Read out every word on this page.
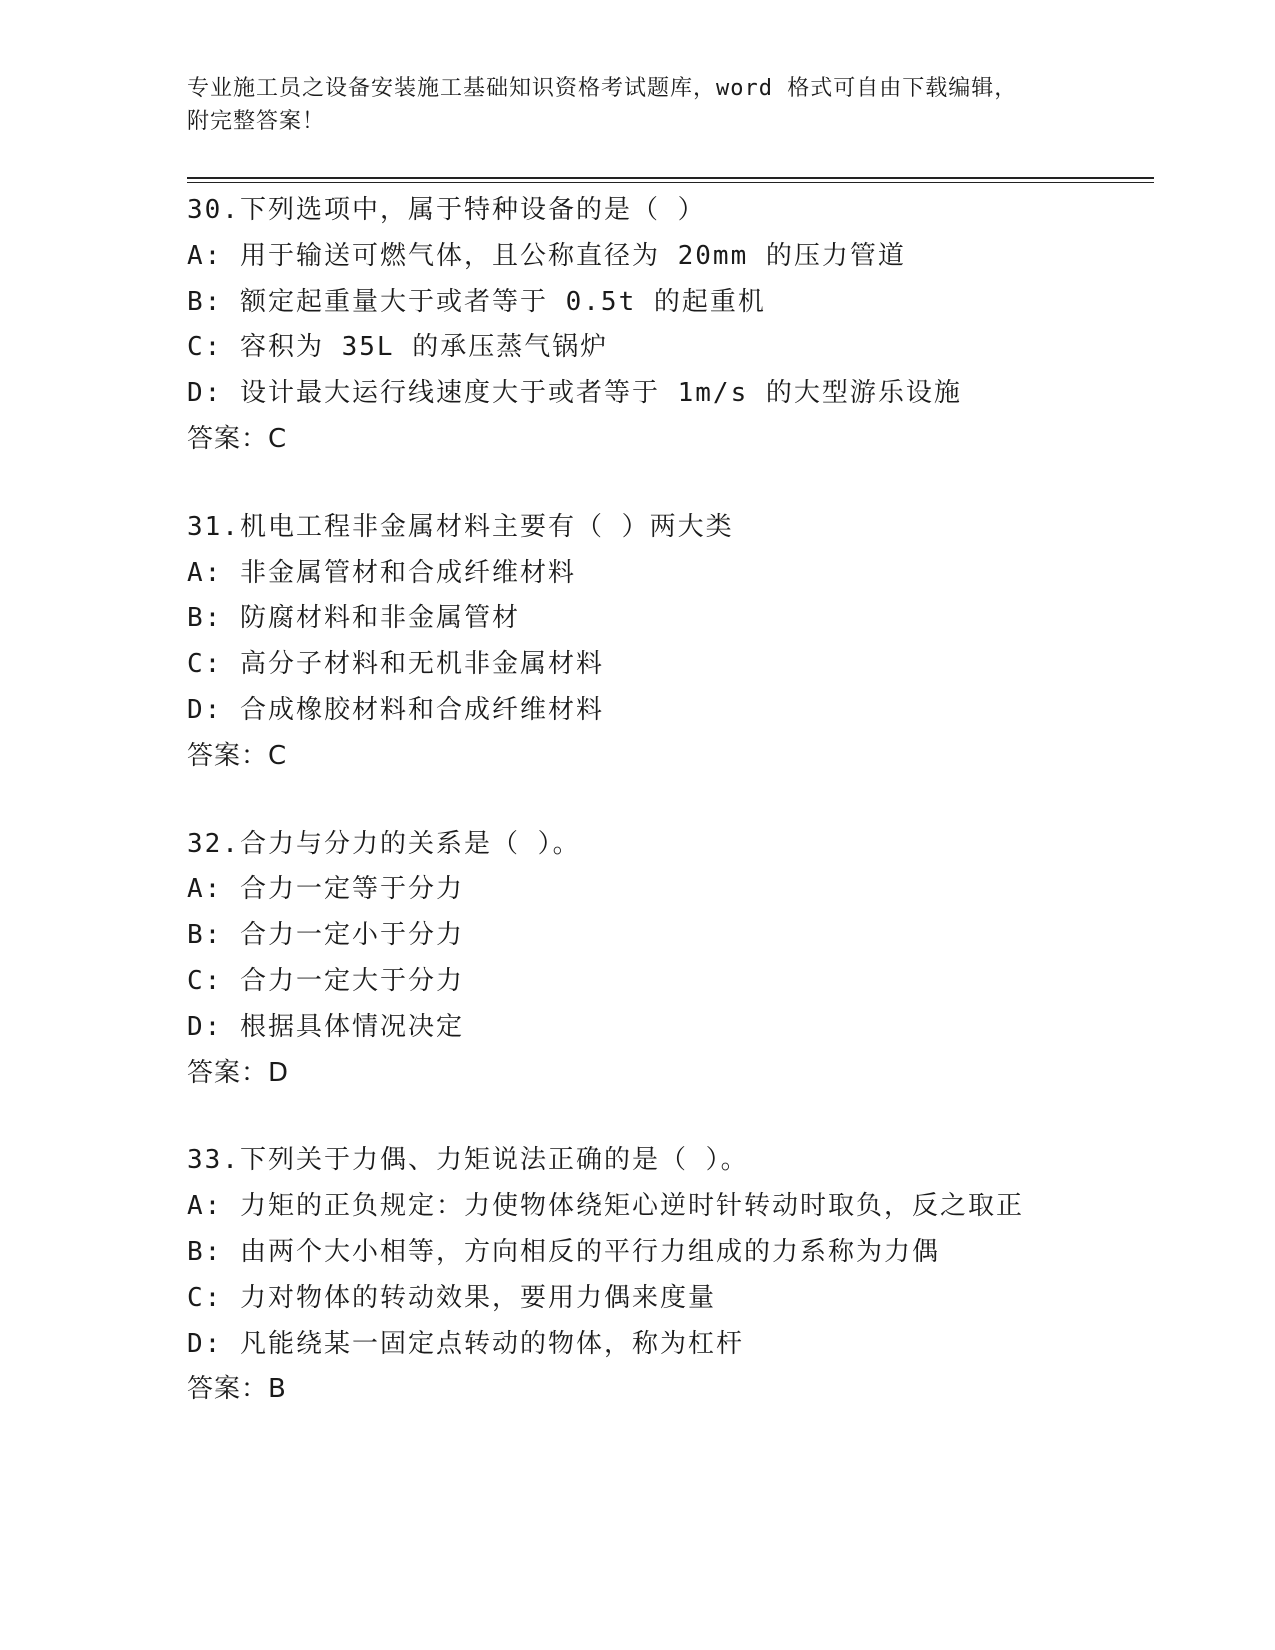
专业施工员之设备安装施工基础知识资格考试题库，word 格式可自由下载编辑，
附完整答案！
30.下列选项中，属于特种设备的是（ ）
A: 用于输送可燃气体，且公称直径为 20mm 的压力管道
B: 额定起重量大于或者等于 0.5t 的起重机
C: 容积为 35L 的承压蒸气锅炉
D: 设计最大运行线速度大于或者等于 1m/s 的大型游乐设施
答案：C
31.机电工程非金属材料主要有（ ）两大类
A: 非金属管材和合成纤维材料
B: 防腐材料和非金属管材
C: 高分子材料和无机非金属材料
D: 合成橡胶材料和合成纤维材料
答案：C
32.合力与分力的关系是（ ）。
A: 合力一定等于分力
B: 合力一定小于分力
C: 合力一定大于分力
D: 根据具体情况决定
答案：D
33.下列关于力偶、力矩说法正确的是（ ）。
A: 力矩的正负规定：力使物体绕矩心逆时针转动时取负，反之取正
B: 由两个大小相等，方向相反的平行力组成的力系称为力偶
C: 力对物体的转动效果，要用力偶来度量
D: 凡能绕某一固定点转动的物体，称为杠杆
答案：B
